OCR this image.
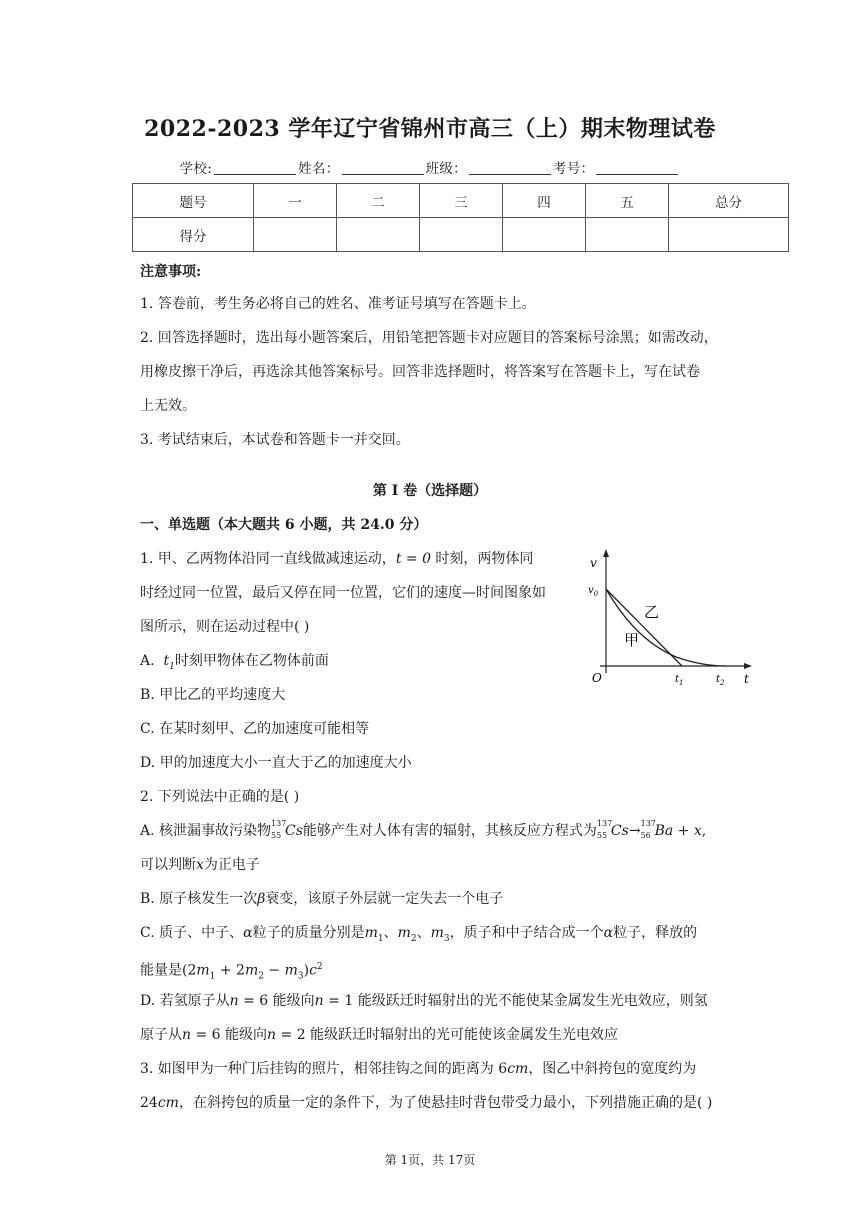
2022-2023 学年辽宁省锦州市高三（上）期末物理试卷
学校:	姓名：	班级：	考号：
题号	一	二	三	四	五	总分
得分						
注意事项:
1. 答卷前，考生务必将自己的姓名、准考证号填写在答题卡上。
2. 回答选择题时，选出每小题答案后，用铅笔把答题卡对应题目的答案标号涂黑；如需改动，
用橡皮擦干净后，再选涂其他答案标号。回答非选择题时，将答案写在答题卡上，写在试卷
上无效。
3. 考试结束后，本试卷和答题卡一并交回。
第 I 卷（选择题）
一、单选题（本大题共 6 小题，共 24.0 分）
1. 甲、乙两物体沿同一直线做减速运动，t = 0 时刻，两物体同
时经过同一位置，最后又停在同一位置，它们的速度—时间图象如
图所示，则在运动过程中( )
A. $t_1$时刻甲物体在乙物体前面
B. 甲比乙的平均速度大
C. 在某时刻甲、乙的加速度可能相等
D. 甲的加速度大小一直大于乙的加速度大小
v
$v_0$
O	$t_1$	$t_2$ t
乙
甲
2. 下列说法中正确的是( )
A. 核泄漏事故污染物 137
55 Cs能够产生对人体有害的辐射，其核反应方程式为 137
55 Cs→ 137
56 Ba + x,
可以判断x为正电子
B. 原子核发生一次β衰变，该原子外层就一定失去一个电子
C. 质子、中子、α粒子的质量分别是$m_1$、$m_2$、$m_3$，质子和中子结合成一个α粒子，释放的
能量是$(2m_1 + 2m_2 - m_3)c^2$
D. 若氢原子从n = 6 能级向n = 1 能级跃迁时辐射出的光不能使某金属发生光电效应，则氢
原子从n = 6 能级向n = 2 能级跃迁时辐射出的光可能使该金属发生光电效应
3. 如图甲为一种门后挂钩的照片，相邻挂钩之间的距离为 6cm，图乙中斜挎包的宽度约为
24cm，在斜挎包的质量一定的条件下，为了使悬挂时背包带受力最小，下列措施正确的是( )
第 1页，共 17页
